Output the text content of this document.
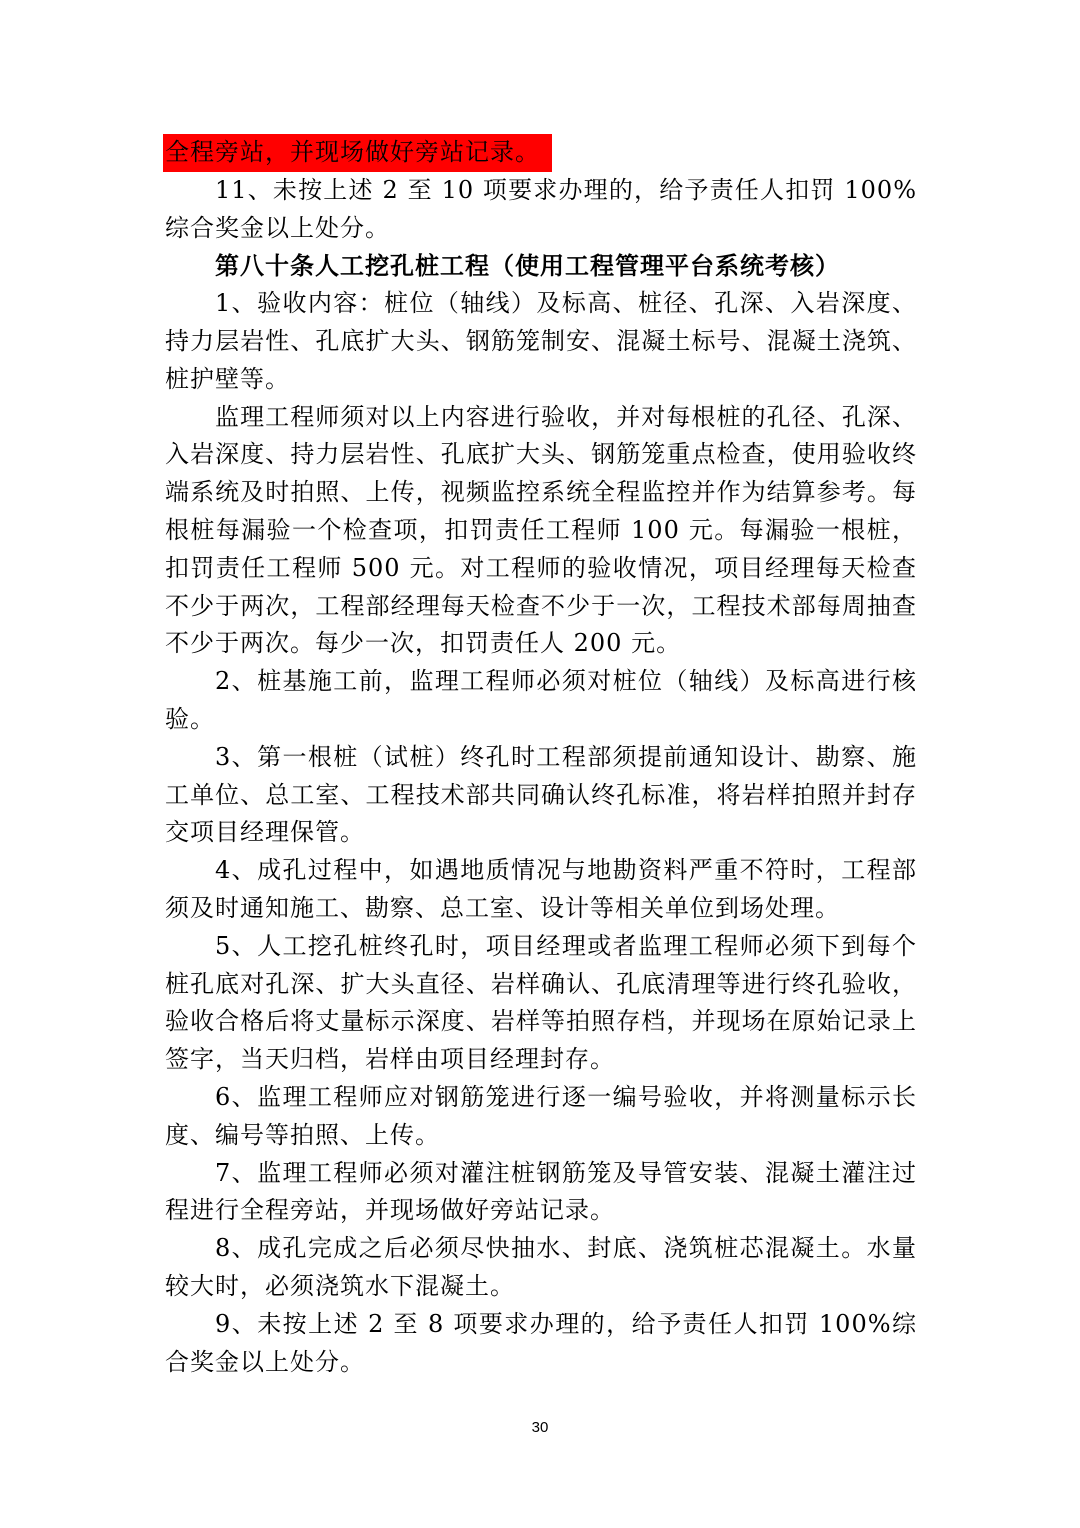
全程旁站，并现场做好旁站记录。

11、未按上述 2 至 10 项要求办理的，给予责任人扣罚 100%综合奖金以上处分。

第八十条人工挖孔桩工程（使用工程管理平台系统考核）

1、验收内容：桩位（轴线）及标高、桩径、孔深、入岩深度、持力层岩性、孔底扩大头、钢筋笼制安、混凝土标号、混凝土浇筑、桩护壁等。

监理工程师须对以上内容进行验收，并对每根桩的孔径、孔深、入岩深度、持力层岩性、孔底扩大头、钢筋笼重点检查，使用验收终端系统及时拍照、上传，视频监控系统全程监控并作为结算参考。每根桩每漏验一个检查项，扣罚责任工程师 100 元。每漏验一根桩，扣罚责任工程师 500 元。对工程师的验收情况，项目经理每天检查不少于两次，工程部经理每天检查不少于一次，工程技术部每周抽查不少于两次。每少一次，扣罚责任人 200 元。

2、桩基施工前，监理工程师必须对桩位（轴线）及标高进行核验。

3、第一根桩（试桩）终孔时工程部须提前通知设计、勘察、施工单位、总工室、工程技术部共同确认终孔标准，将岩样拍照并封存交项目经理保管。

4、成孔过程中，如遇地质情况与地勘资料严重不符时，工程部须及时通知施工、勘察、总工室、设计等相关单位到场处理。

5、人工挖孔桩终孔时，项目经理或者监理工程师必须下到每个桩孔底对孔深、扩大头直径、岩样确认、孔底清理等进行终孔验收，验收合格后将丈量标示深度、岩样等拍照存档，并现场在原始记录上签字，当天归档，岩样由项目经理封存。

6、监理工程师应对钢筋笼进行逐一编号验收，并将测量标示长度、编号等拍照、上传。

7、监理工程师必须对灌注桩钢筋笼及导管安装、混凝土灌注过程进行全程旁站，并现场做好旁站记录。

8、成孔完成之后必须尽快抽水、封底、浇筑桩芯混凝土。水量较大时，必须浇筑水下混凝土。

9、未按上述 2 至 8 项要求办理的，给予责任人扣罚 100%综合奖金以上处分。

30
